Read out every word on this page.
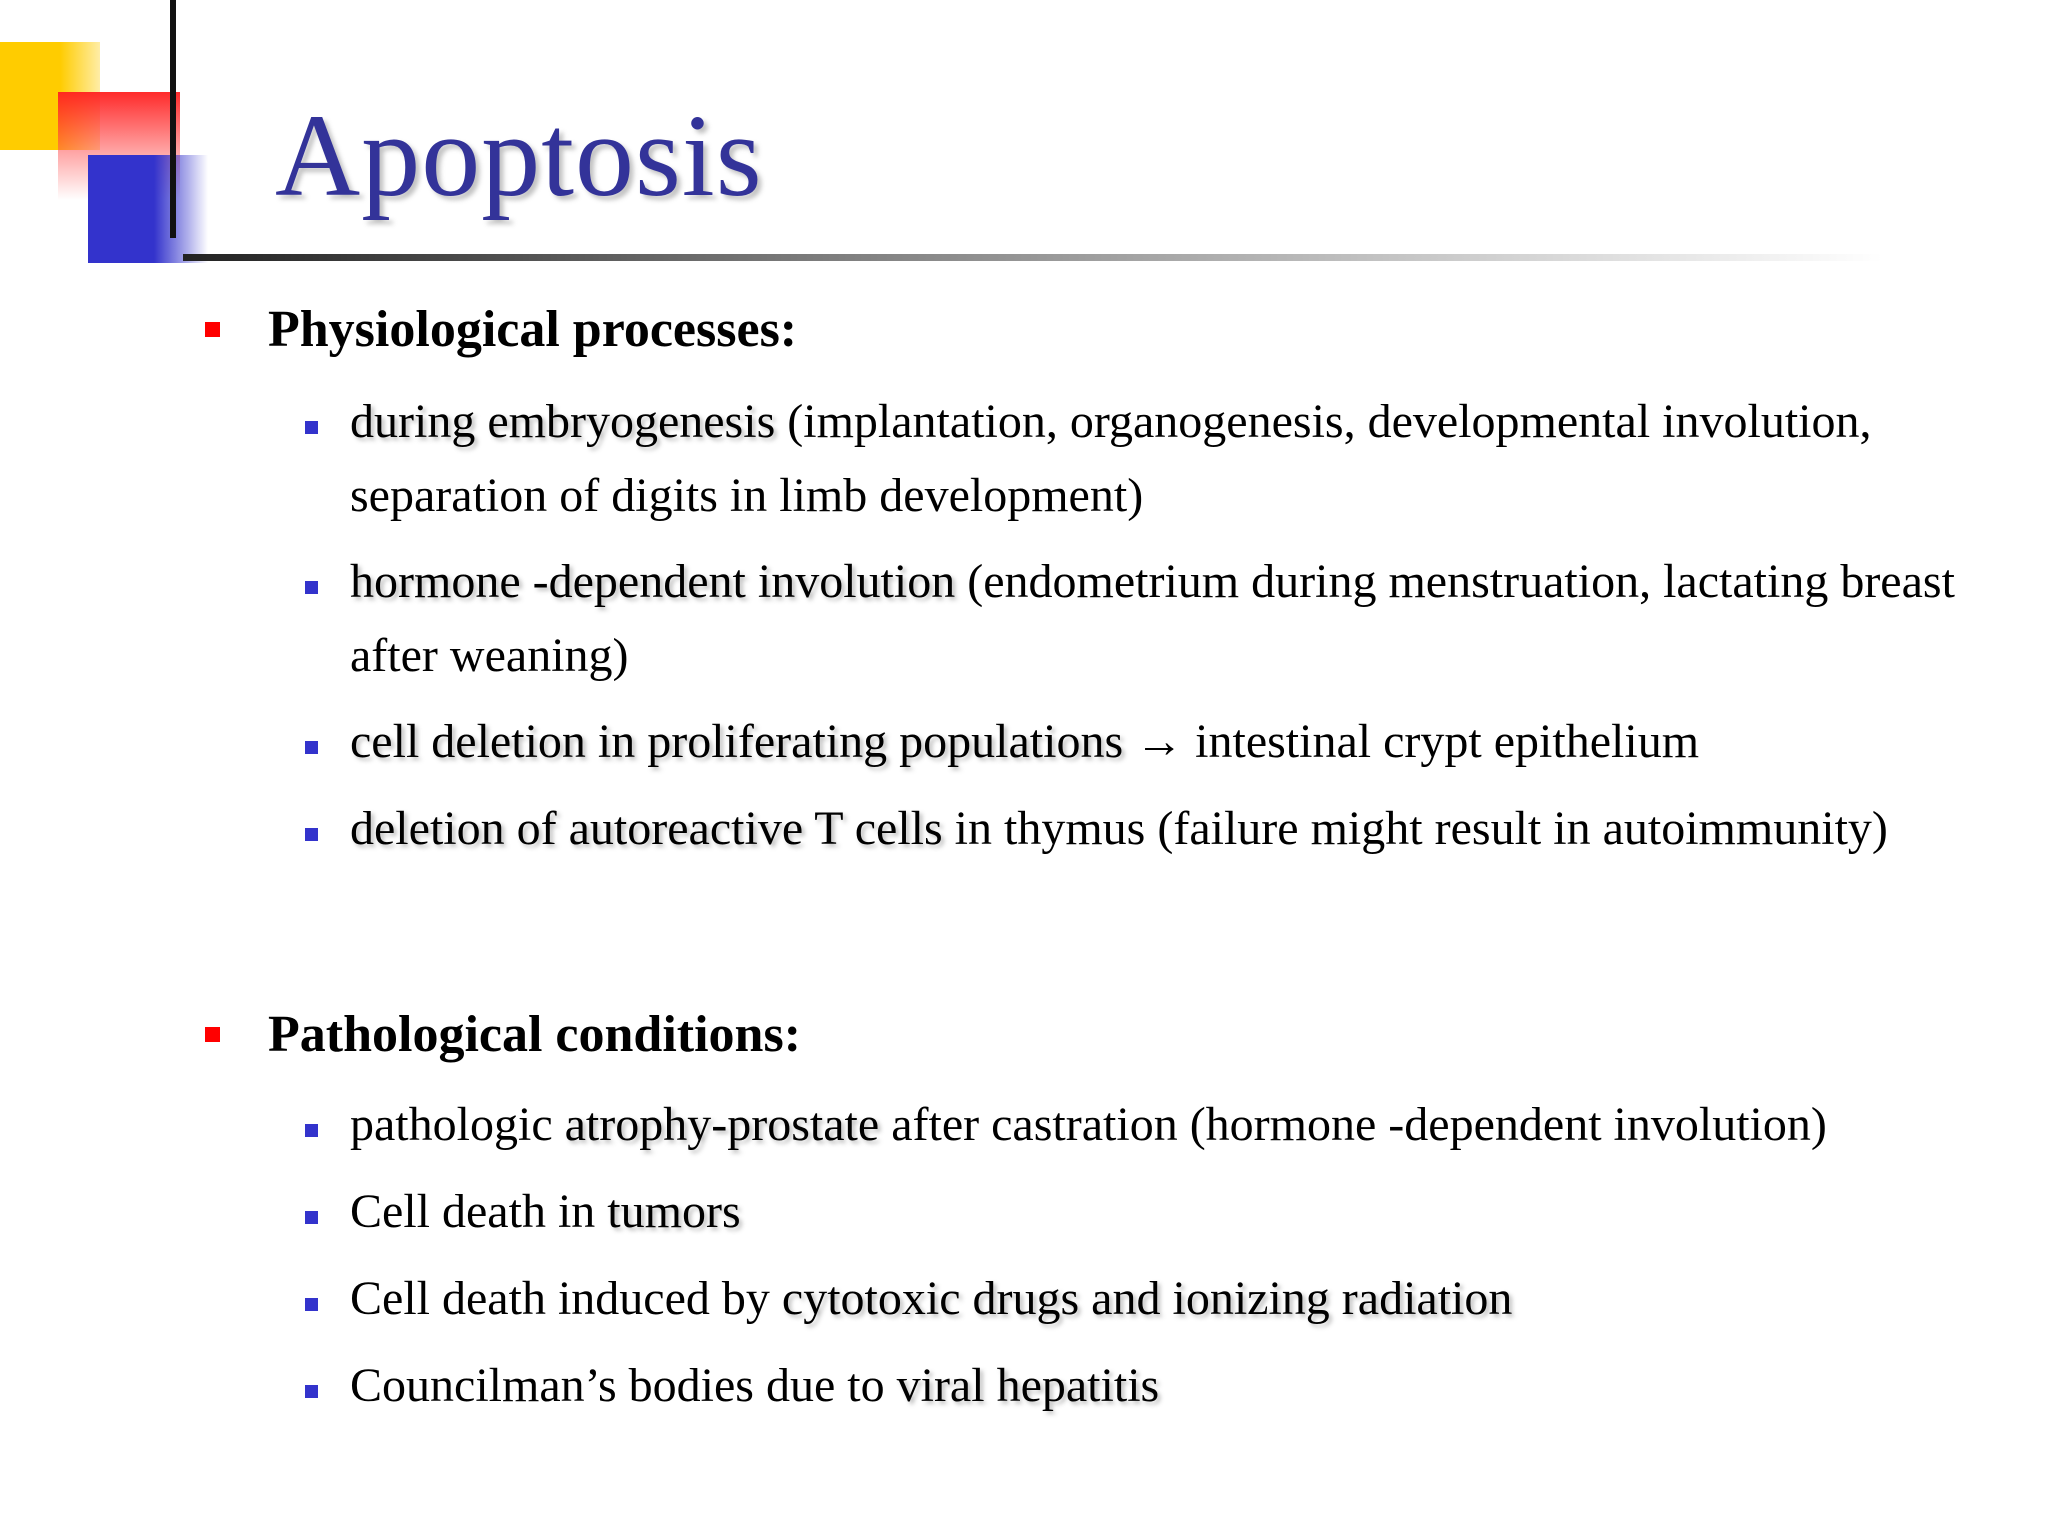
Apoptosis
Physiological processes:
during embryogenesis (implantation, organogenesis, developmental involution, separation of digits in limb development)
hormone -dependent involution (endometrium during menstruation, lactating breast after weaning)
cell deletion in proliferating populations → intestinal crypt epithelium
deletion of autoreactive T cells in thymus (failure might result in autoimmunity)
Pathological conditions:
pathologic atrophy-prostate after castration (hormone -dependent involution)
Cell death in tumors
Cell death induced by cytotoxic drugs and ionizing radiation
Councilman’s bodies due to viral hepatitis
